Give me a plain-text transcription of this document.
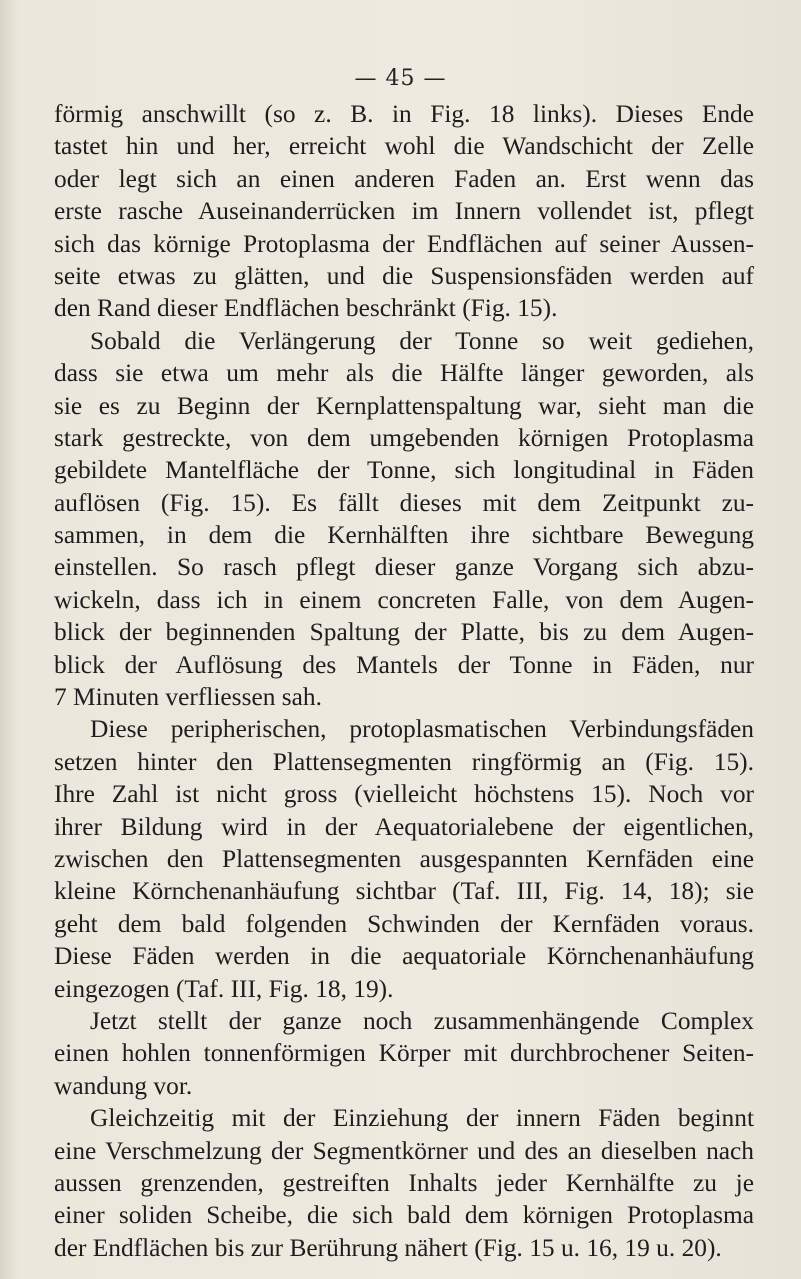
— 45 —
förmig anschwillt (so z. B. in Fig. 18 links). Dieses Ende
tastet hin und her, erreicht wohl die Wandschicht der Zelle
oder legt sich an einen anderen Faden an. Erst wenn das
erste rasche Auseinanderrücken im Innern vollendet ist, pflegt
sich das körnige Protoplasma der Endflächen auf seiner Aussen-
seite etwas zu glätten, und die Suspensionsfäden werden auf
den Rand dieser Endflächen beschränkt (Fig. 15).
Sobald die Verlängerung der Tonne so weit gediehen,
dass sie etwa um mehr als die Hälfte länger geworden, als
sie es zu Beginn der Kernplattenspaltung war, sieht man die
stark gestreckte, von dem umgebenden körnigen Protoplasma
gebildete Mantelfläche der Tonne, sich longitudinal in Fäden
auflösen (Fig. 15). Es fällt dieses mit dem Zeitpunkt zu-
sammen, in dem die Kernhälften ihre sichtbare Bewegung
einstellen. So rasch pflegt dieser ganze Vorgang sich abzu-
wickeln, dass ich in einem concreten Falle, von dem Augen-
blick der beginnenden Spaltung der Platte, bis zu dem Augen-
blick der Auflösung des Mantels der Tonne in Fäden, nur
7 Minuten verfliessen sah.
Diese peripherischen, protoplasmatischen Verbindungsfäden
setzen hinter den Plattensegmenten ringförmig an (Fig. 15).
Ihre Zahl ist nicht gross (vielleicht höchstens 15). Noch vor
ihrer Bildung wird in der Aequatorialebene der eigentlichen,
zwischen den Plattensegmenten ausgespannten Kernfäden eine
kleine Körnchenanhäufung sichtbar (Taf. III, Fig. 14, 18); sie
geht dem bald folgenden Schwinden der Kernfäden voraus.
Diese Fäden werden in die aequatoriale Körnchenanhäufung
eingezogen (Taf. III, Fig. 18, 19).
Jetzt stellt der ganze noch zusammenhängende Complex
einen hohlen tonnenförmigen Körper mit durchbrochener Seiten-
wandung vor.
Gleichzeitig mit der Einziehung der innern Fäden beginnt
eine Verschmelzung der Segmentkörner und des an dieselben nach
aussen grenzenden, gestreiften Inhalts jeder Kernhälfte zu je
einer soliden Scheibe, die sich bald dem körnigen Protoplasma
der Endflächen bis zur Berührung nähert (Fig. 15 u. 16, 19 u. 20).
